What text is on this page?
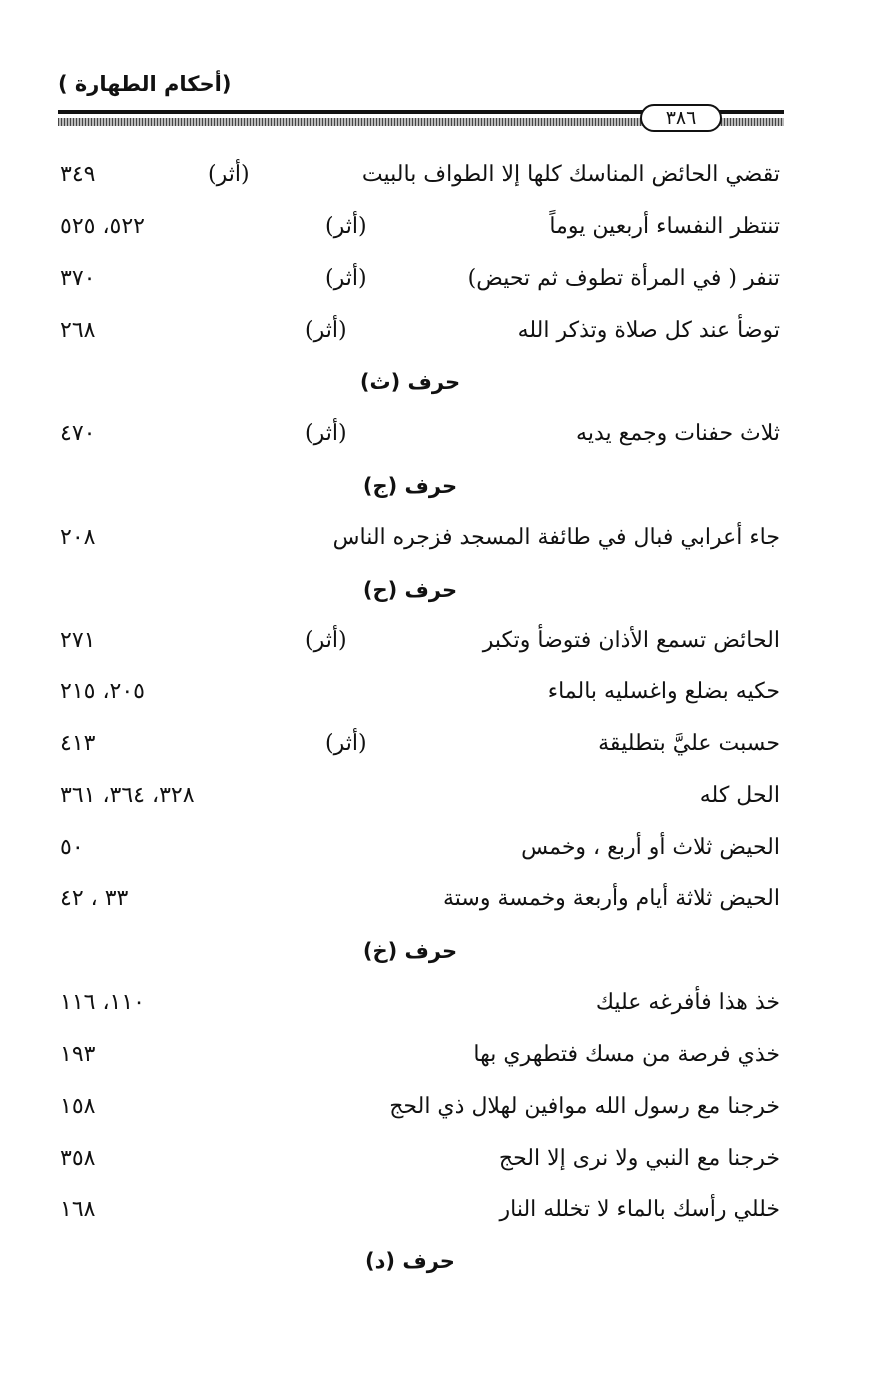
(أحكام الطهارة )
٣٨٦
تقضي الحائض المناسك كلها إلا الطواف بالبيت
(أثر)
٣٤٩
تنتظر النفساء أربعين يوماً
(أثر)
٥٢٢، ٥٢٥
تنفر ( في المرأة تطوف ثم تحيض)
(أثر)
٣٧٠
توضأ عند كل صلاة وتذكر الله
(أثر)
٢٦٨
حرف (ث)
ثلاث حفنات وجمع يديه
(أثر)
٤٧٠
حرف (ج)
جاء أعرابي فبال في طائفة المسجد فزجره الناس
٢٠٨
حرف (ح)
الحائض تسمع الأذان فتوضأ وتكبر
(أثر)
٢٧١
حكيه بضلع واغسليه بالماء
٢٠٥، ٢١٥
حسبت عليَّ بتطليقة
(أثر)
٤١٣
الحل كله
٣٢٨، ٣٦٤، ٣٦١
الحيض ثلاث أو أربع ، وخمس
٥٠
الحيض ثلاثة أيام وأربعة وخمسة وستة
٣٣ ، ٤٢
حرف (خ)
خذ هذا فأفرغه عليك
١١٠، ١١٦
خذي فرصة من مسك فتطهري بها
١٩٣
خرجنا مع رسول الله موافين لهلال ذي الحج
١٥٨
خرجنا مع النبي ولا نرى إلا الحج
٣٥٨
خللي رأسك بالماء لا تخلله النار
١٦٨
حرف (د)
